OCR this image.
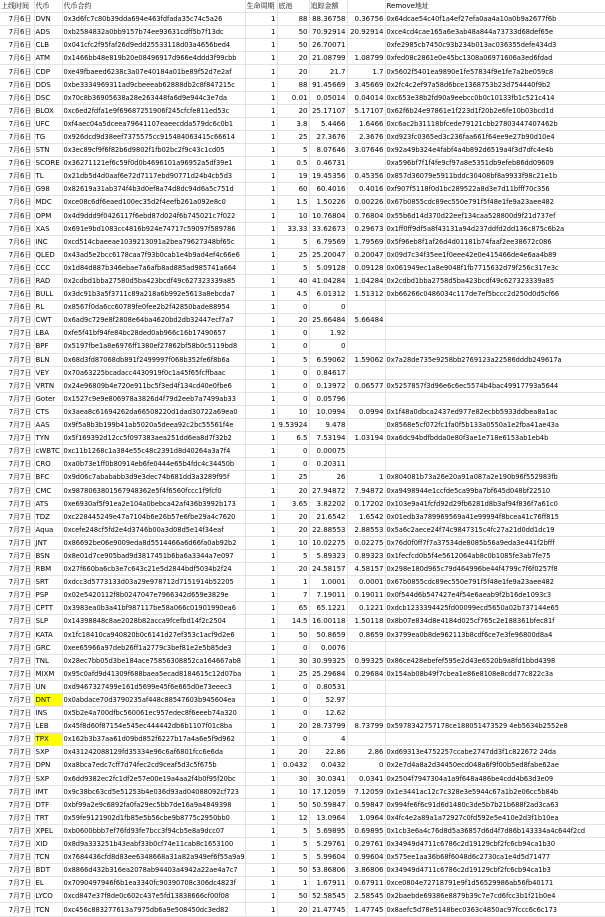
上线时间	代币	代币合约	生命周期	底池	追踪金额		Remove地址
7月6日	DVN	0x3d6fc7c80b39dda694e463fdfada35c74c5a26	1	88	88.36758	0.36756	0x64dcae54c40f1a4ef27efa0aa4a10a0b9a2677f6b
7月6日	ADS	0xb2584832a0bb9157b74ee93631cdff5b7f13dc	1	50	70.92914	20.92914	0xce4cd4cae165a6e3ab48a844a73733d68def65e
7月6日	CLB	0x041cfc2f95faf26d9edd25533118d03a4656bed4	1	50	26.70071		0xfe2985cb7450c93b234b013ac036355defe434d3
7月6日	ATM	0x1466bb48e819b20e08496917d966e4ddd3f99cbb	1	20	21.08799	1.08799	0xfed08c2861e0e45bc1308a06971606a3ed6fdad
7月6日	CDP	0xe49fbaeed6238c3a07e40184a01be89f52d7e2af	1	20	21.7	1.7	0x5602f5401ea9890e1fe57834f9e1fe7a2be059c8
7月6日	DDS	0xbe3334969311ad9cbeeeab62888db2c8f847215c	1	88	91.45669	3.45669	0x2fc4c2ef97a58d6bce1368753b23d754440f9b2
7月6日	DSC	0x70c8b36905638a28e263448fa6d9e944c3e7da	1	0.01	0.05014	0.04014	0xc653e38b2fd90a9eebcc0b0c10133fb1c521c414
7月6日	BLOX	0xc6ed2fdfa1e9f69687251906f245cfcfe811ed53c	1	20	25.17107	5.17107	0x62f6b24e97861e1f223d1f20b2e6fe10b03bcd1d
7月6日	UFC	0xf4aec04a5dceea79641107eaeecdda579dc6c0b1	1	3.8	5.4466	1.6466	0xc6ac2b31118bfcede79121cbb27803447407462b
7月6日	TG	0x926dcd9d38eef7375575cc915484063415c66614	1	25	27.3676	2.3676	0xd923fc0365ed3c236faa661f64ee9e27b90d10e4
7月6日	STN	0x3ec89cf9f6f82b6d9802f1fb02bc2f9c43c1cd05	1	5	8.07646	3.07646	0x92a49b324e4fabf4a4b892d6519a4f3d7dfc4e4b
7月6日	SCORE	0x36271121ef6c59f0d0b4696101a96952a5df39e1	1	0.5	0.46731		0xa596bf7f1f4fe9cf97a8e5351db9efeb86dd09609
7月6日	TL	0x21db5d4d0aaf6e72d7117ebd90771d24b4cb5d3	1	19	19.45356	0.45356	0x857d36079e5911bddc30408bf8a9933f98c21e1b
7月6日	G98	0x82619a31ab374f4b3d0ef8a74d8dc94d6a5c751d	1	60	60.4016	0.4016	0xf907f5118f0d1bc289522a8d3e7d11bfff70c356
7月6日	MDC	0xce08c6df6eaed100ec35d2f4eefb261a092e8c0	1	1.5	1.50226	0.00226	0x67b0855cdc89ec550e791f5f48e1fe9a23aee482
7月6日	OPM	0x4d9ddd9f0426117f6ebd87d024f6b745021c7f022	1	10	10.76804	0.76804	0x55b6d14d370d22eef134caa528800d9f21d737ef
7月6日	XAS	0x691e9bd1083cc4816b924e74717c59097f589786	1	33.33	33.62673	0.29673	0x1ff0ff9df5a8f43131a94d237ddfd2dd136c875c6b2a
7月6日	INC	0xcd514cbaeeae1039213091a2bea79627348bf65c	1	5	6.79569	1.79569	0x5f96eb8f1af26d4d01181b74faaf2ee38672c086
7月6日	QLED	0x43ad5e2bcc6178caa7f93b0cab1e4b9ad4ef4c66e6	1	25	25.20047	0.20047	0x09d7c34f35ee1f0eee42e0e415466de4e6aa4b89
7月6日	CCC	0x1d84d887b346ebae7a6afb8ad885ad985741a664	1	5	5.09128	0.09128	0x061949ec1a8e9048f1fb7715632d79f256c317e3c
7月6日	RAD	0x2cdbd1bba27580d5ba423bcdf49c627323339a85	1	40	41.04284	1.04284	0x2cdbd1bba2758d5ba423bcdf49c627323339a85
7月6日	BULL	0x3dc91b3a5f3711c89a218a6b992e5613a8ebcda7	1	4.5	6.01312	1.51312	0xb66266c0486034c117de7ef5bccc2d250d0d5cf66
7月6日	RL	0x8567f0da6cc60789fe0fee2b2f42850bade88954	1	0	0		
7月7日	CWT	0x6ad9c729e8f2808e64ba4620bd2db32447ecf7a7	1	20	25.66484	5.66484	
7月7日	LBA	0xfe5f41bf94fe84bc28ded0ab966c16b17490657	1	0	1.92		
7月7日	BPF	0x5197fbe1a8e6976ff1380ef27862bf58b0c5119bd8	1	0	0		
7月7日	BLN	0x68d3fd87068db891f2499997f068b352fe6f8b6a	1	5	6.59062	1.59062	0x7a28de735e9258bb2769123a22586dddb249617a
7月7日	VEY	0x70a63225bcadacc4430919f0c1a45f65fcffbaac	1	0	0.84617		
7月7日	VRTN	0x24e96809b4e720e911bc5f3ed4f134cd40e0fbe6	1	0	0.13972	0.06577	0x5257857f3d96e6c6ec5574b4bac49917793a5644
7月7日	Goter	0x1527c9e9e806978a3826d4f79d2eeb7a7499ab33	1	0	0.05796		
7月7日	CTS	0x3aea8c61694262da66508220d1dad30722a69ea0	1	10	10.0994	0.0994	0x1f48a0dbca2437ed977e82ecbb5933ddbea8a1ac
7月7日	AAS	0x9f5a8b3b199b41ab5020a5deea92c2bc55561f4e	1	9.53924	9.478		0x8568e5cf072fc1fa0f5b133a0550a1e2fba41ae43a
7月7日	TYN	0x5f169392d12cc5f097383aea251dd6ea8d7f32b2	1	6.5	7.53194	1.03194	0xa6dc94bdfbdda0e80f3ae1e718e6153ab1eb4b
7月7日	cWBTC	0xc11b1268c1a384e55c48c2391d8d40264a3a7f4	1	0	0.00075		
7月7日	CRO	0xa0b73e1ff0b80914eb6fe0444e65b4fdc4c34450b	1	0	0.20311		
7月7日	BFC	0x9d06c7abababb3d9e3dec74b681dd3a3289f95f	1	25	26	1	0x804081b73a26e20a91a087a2e190b96f552983fb
7月7日	CMC	0x9878063801567948362e5f4f6560fccc1f9fcf0	1	20	27.94872	7.94872	0xa9498944e1ccfde5ca99ba7bf645d048bf22510
7月7日	ATS	0xe6930af5f91ea2e104a0bebca42af436b3992b173	1	3.65	3.82202	0.17202	0x103e9a41fcfd92d29fb6281d8b3af94f836f7a61c0
7月7日	TDZ	0xc228445249e47a7104b6e26b57e6fbe29a4c7620	1	20	21.6542	1.6542	0x01edb3a789969569a41e99994f8bcea41c76ff815
7月7日	Aqua	0xcefe248cf5fd2e4d3746b00a3d08d5e14f34eaf	1	20	22.88553	2.88553	0x5a6c2aece24f74c9847315c4fc27a21d0dd1dc19
7月7日	JNT	0x86692be06e9009eda8d5514466a6d66fa0ab92b2	1	10	10.02275	0.02275	0x76d0f0ff7f7a37534de8085b56a9eda3e441f2bfff
7月7日	BSN	0x8e01d7ce905bad9d3817451b6ba6a3344a7e097	1	5	5.89323	0.89323	0x1fecfcd0b5f4e5612064ab8c0b1085fe3ab7fe75
7月7日	RBM	0x27f660ba6cb3e7c643c21e5d2844bdf5034b2f24	1	20	24.58157	4.58157	0x298e180d965c79d464996be44f4799c7f6f0257f8
7月7日	SRT	0xdcc3d5773133d03a29e978712d7151914b52205	1	1	1.0001	0.0001	0x67b0855cdc89ec550e791f5f48e1fe9a23aee482
7月7日	PSP	0x02e5420112f8b0247047e7966342d659e3829e	1	7	7.19011	0.19011	0x0f544d6b547427e4f54e6aeab9f2b16de1093c3
7月7日	CPTT	0x3983ea0b3a41bf987117be58a066c01901990ea6	1	65	65.1221	0.1221	0xdcb1233394425fd00099ecd5650a02b737144e65
7月7日	SLP	0x14398848c8ae2028b82acca9fcefbd14f2c2504	1	14.5	16.00118	1.50118	0x8b07e834d8e4184d025cf765c2e188361bfec81f
7月7日	KATA	0x1fc18410ca940820b0c6141d27ef353c1acf9d2e6	1	50	50.8659	0.8659	0x3799ea0b8de962113b8cdf6ce7e3fe96800d8a4
7月7日	GRC	0xee65966a97deb26ff1a2779c3bef81e2e5b85de3	1	0	0.0076		
7月7日	TNL	0x28ec7bb05d3be184ace75856308852ca164667ab8	1	30	30.99325	0.99325	0x86ce428ebefef595e2d43e6520b9a8fd1bbd4398
7月7日	MIXM	0x95c0afd9d41309f688baea5ecad8184615c12d07ba	1	25	25.29684	0.29684	0x154ab08b49f7cbea1e86e8108e8cdd77c822c3a
7月7日	UN	0xd9467327499e161d5699e45f6e665d0e73eeec3	1	0	0.80531		
7月7日	DNT	0x0abdace70d3790235af448c88547603b945604ea	1	0	52.97		
7月7日	INS	0x5b2e4a700dfbc560061ec957edec8f6eeeb74a320	1	0	12.62		
7月7日	LEB	0x45f8d60f87154e545ec444442db6b1107f01c8ba	1	20	28.73799	8.73799	0x5978342757178ce188051473529 4eb5634b2552e8
7月7日	TPX	0x162b3b37aa61d09bd852f6227b17a4a6e5f9d962	1	0	4		
7月7日	SXP	0x431242088129fd35334e96c6af6801fcc6e6da	1	20	22.86	2.86	0xd69313e4752257ccabe2747dd3f1c822672 24da
7月7日	DPN	0xa8bca7edc7cff7d74fec2cd9ceaf5d3c5f675b	1	0.0432	0.0432	0	0x2e7d4a8a2d34450ecd048a6f9f00b5ed8fabe62ae
7月7日	SXP	0x6dd9382ec2fc1df2e57e00e19a4aa2f4b0f95f20bc	1	30	30.0341	0.0341	0x2504f7947304a1a9f648a486be4cdd4b63d3e09
7月7日	IMT	0x9c38bc63cd5e51253b4e036d93ad04088092cf723	1	10	17.12059	7.12059	0x1e3441ac12c7c328e3e5944c67a1b2e06cc5b84b
7月7日	DTF	0xbf99a2e9c6892fa0fa29ec5bb7de16a9a4849398	1	50	50.59847	0.59847	0x994fe6f6c91d6d1480c3de5b7b21b688f2ad3ca63
7月7日	TRT	0x59fe9121902d1fb85e5b56cbe9b8775c2950bb0	1	12	13.0964	1.0964	0x4fc4e2a89a1a72927c0fd592e5e410e2d3f1b10ea
7月7日	XPEL	0xb0600bbb7ef76fd93fe7bcc3f94cb5e8a9dcc07	1	5	5.69895	0.69895	0x1cb3e6a4c76d8d5a36857d6d4f7d86b143334a4c644f2cd
7月7日	XID	0x8d9a333251b43eabf33b0cf74e11cab8c1653100	1	5	5.29761	0.29761	0x34949d4711c6786c2d19129cbf2fc6cb94ca1b30
7月7日	TCN	0x7684436cfd8d83ee6348668a31a82a949ef6f55a9a9	1	5	5.99604	0.99604	0x575ee1aa36b68f6048d6c2730ca1e4d5d71477
7月7日	BDT	0x8866d432b316ea2078ab94403a4942a22ae4a7c7	1	50	53.86806	3.86806	0x34949d4711c6786c2d19129cbf2fc6cb94ca1b3
7月7日	EL	0x7090497946f6b1ea3340fc90390708c306dc4823f	1	1	1.67911	0.67911	0xce0804e72718791e9f1d56529986ab56fb40171
7月7日	LYCO	0xcd847e37f8de0c602c437e5fd13838666cf00f08	1	50	52.58545	2.58545	0x2baebde69386e8879b39c7e7cd6fcc3b1f21b0e4
7月7日	TCN	0xc456c883277613a7975db6a9e508450dc3ed82	1	20	21.47745	1.47745	0x8aefc5d78e5148bec0363c4850ac97fccc6c6c173
